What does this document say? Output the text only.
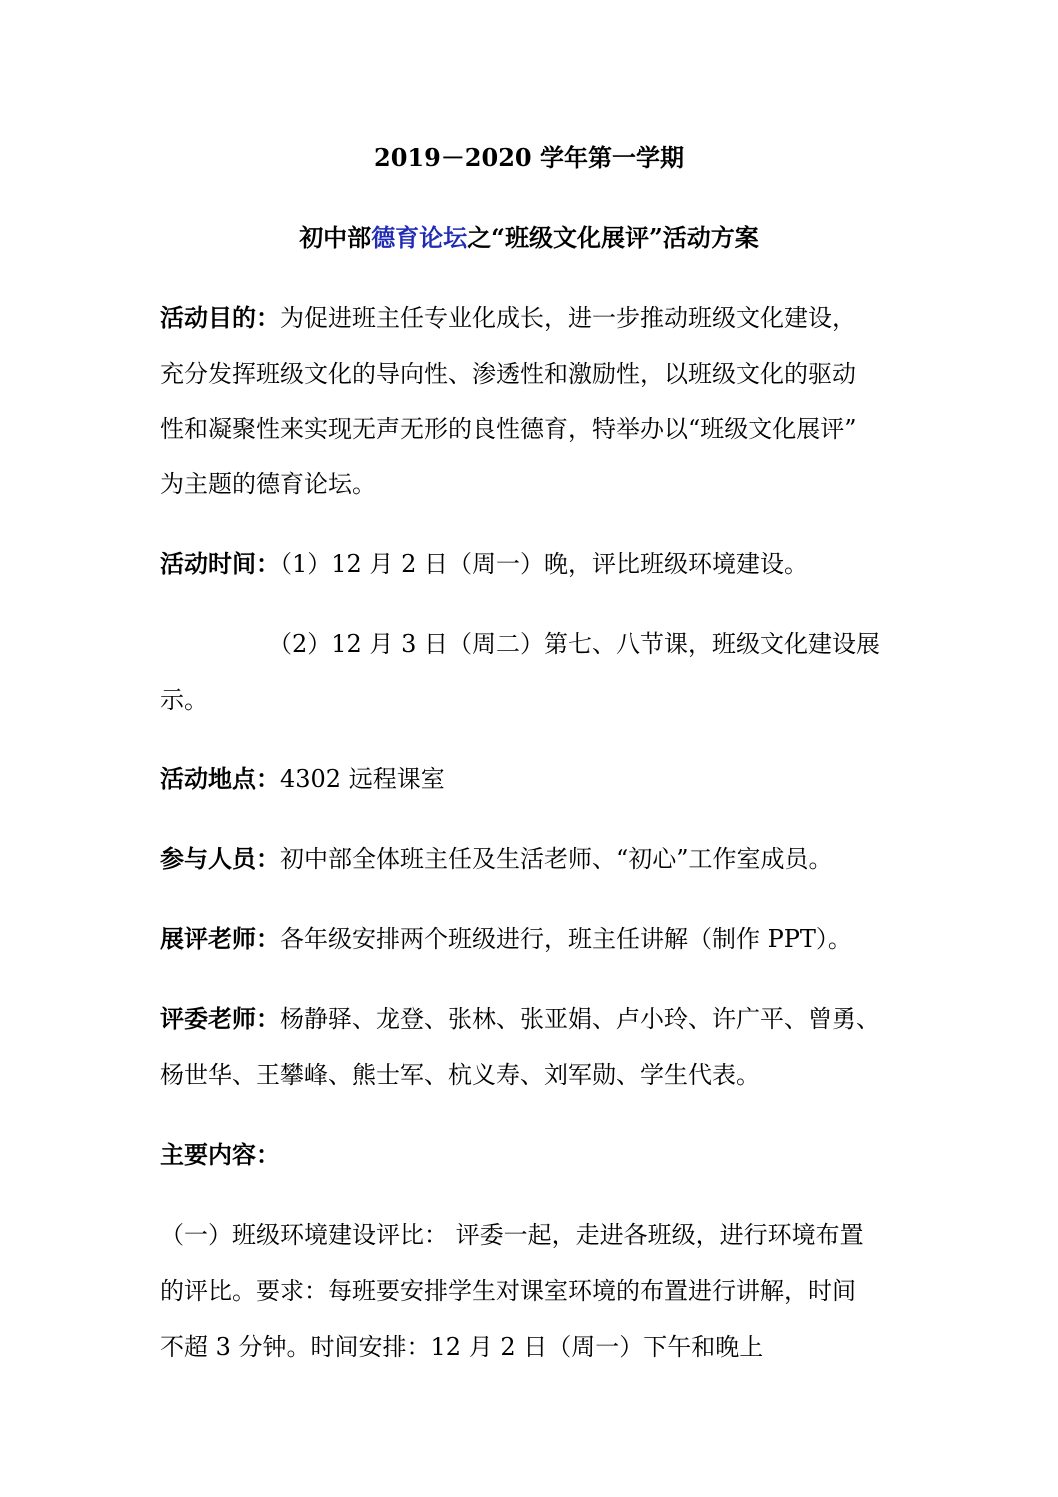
2019－2020 学年第一学期

初中部德育论坛之“班级文化展评”活动方案

活动目的：为促进班主任专业化成长，进一步推动班级文化建设，

充分发挥班级文化的导向性、渗透性和激励性，以班级文化的驱动

性和凝聚性来实现无声无形的良性德育，特举办以“班级文化展评”

为主题的德育论坛。

活动时间：（1）12 月 2 日（周一）晚，评比班级环境建设。

（2）12 月 3 日（周二）第七、八节课，班级文化建设展

示。

活动地点：4302 远程课室

参与人员：初中部全体班主任及生活老师、“初心”工作室成员。

展评老师：各年级安排两个班级进行，班主任讲解（制作 PPT）。

评委老师：杨静驿、龙登、张林、张亚娟、卢小玲、许广平、曾勇、

杨世华、王攀峰、熊士军、杭义寿、刘军勋、学生代表。

主要内容：

（一）班级环境建设评比： 评委一起，走进各班级，进行环境布置

的评比。要求：每班要安排学生对课室环境的布置进行讲解，时间

不超 3 分钟。时间安排：12 月 2 日（周一）下午和晚上
